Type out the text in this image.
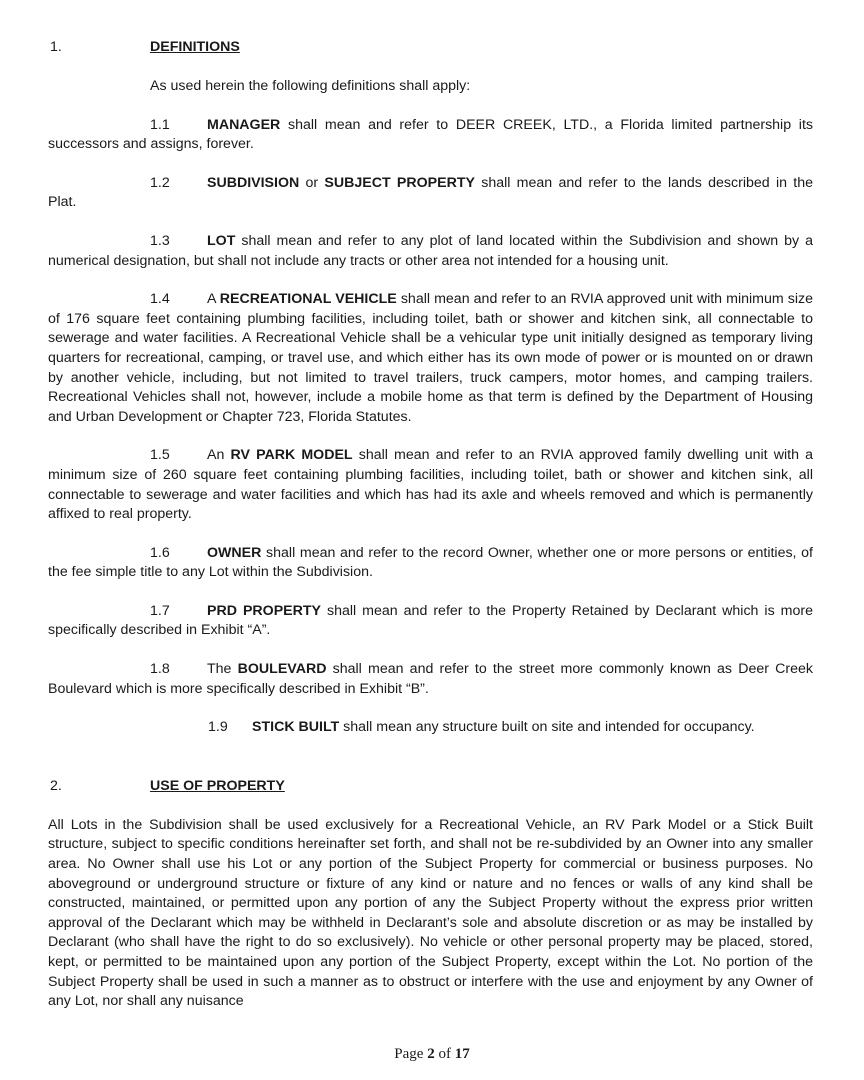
1.	DEFINITIONS
As used herein the following definitions shall apply:
1.1	MANAGER shall mean and refer to DEER CREEK, LTD., a Florida limited partnership its successors and assigns, forever.
1.2	SUBDIVISION or SUBJECT PROPERTY shall mean and refer to the lands described in the Plat.
1.3	LOT shall mean and refer to any plot of land located within the Subdivision and shown by a numerical designation, but shall not include any tracts or other area not intended for a housing unit.
1.4	A RECREATIONAL VEHICLE shall mean and refer to an RVIA approved unit with minimum size of 176 square feet containing plumbing facilities, including toilet, bath or shower and kitchen sink, all connectable to sewerage and water facilities. A Recreational Vehicle shall be a vehicular type unit initially designed as temporary living quarters for recreational, camping, or travel use, and which either has its own mode of power or is mounted on or drawn by another vehicle, including, but not limited to travel trailers, truck campers, motor homes, and camping trailers. Recreational Vehicles shall not, however, include a mobile home as that term is defined by the Department of Housing and Urban Development or Chapter 723, Florida Statutes.
1.5	An RV PARK MODEL shall mean and refer to an RVIA approved family dwelling unit with a minimum size of 260 square feet containing plumbing facilities, including toilet, bath or shower and kitchen sink, all connectable to sewerage and water facilities and which has had its axle and wheels removed and which is permanently affixed to real property.
1.6	OWNER shall mean and refer to the record Owner, whether one or more persons or entities, of the fee simple title to any Lot within the Subdivision.
1.7	PRD PROPERTY shall mean and refer to the Property Retained by Declarant which is more specifically described in Exhibit “A”.
1.8	The BOULEVARD shall mean and refer to the street more commonly known as Deer Creek Boulevard which is more specifically described in Exhibit “B”.
1.9 STICK BUILT shall mean any structure built on site and intended for occupancy.
2.	USE OF PROPERTY
All Lots in the Subdivision shall be used exclusively for a Recreational Vehicle, an RV Park Model or a Stick Built structure, subject to specific conditions hereinafter set forth, and shall not be re-subdivided by an Owner into any smaller area. No Owner shall use his Lot or any portion of the Subject Property for commercial or business purposes. No aboveground or underground structure or fixture of any kind or nature and no fences or walls of any kind shall be constructed, maintained, or permitted upon any portion of any the Subject Property without the express prior written approval of the Declarant which may be withheld in Declarant’s sole and absolute discretion or as may be installed by Declarant (who shall have the right to do so exclusively). No vehicle or other personal property may be placed, stored, kept, or permitted to be maintained upon any portion of the Subject Property, except within the Lot. No portion of the Subject Property shall be used in such a manner as to obstruct or interfere with the use and enjoyment by any Owner of any Lot, nor shall any nuisance
Page 2 of 17
